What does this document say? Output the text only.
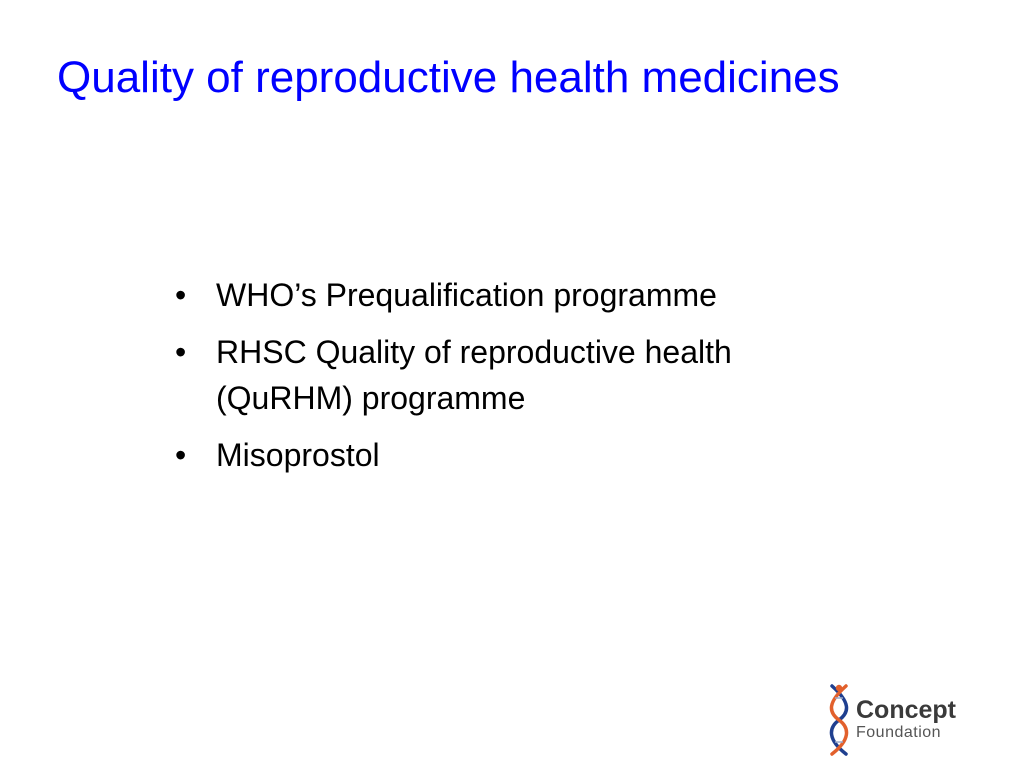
Quality of reproductive health medicines
• WHO’s Prequalification programme
• RHSC Quality of reproductive health (QuRHM) programme
• Misoprostol
Concept
Foundation
